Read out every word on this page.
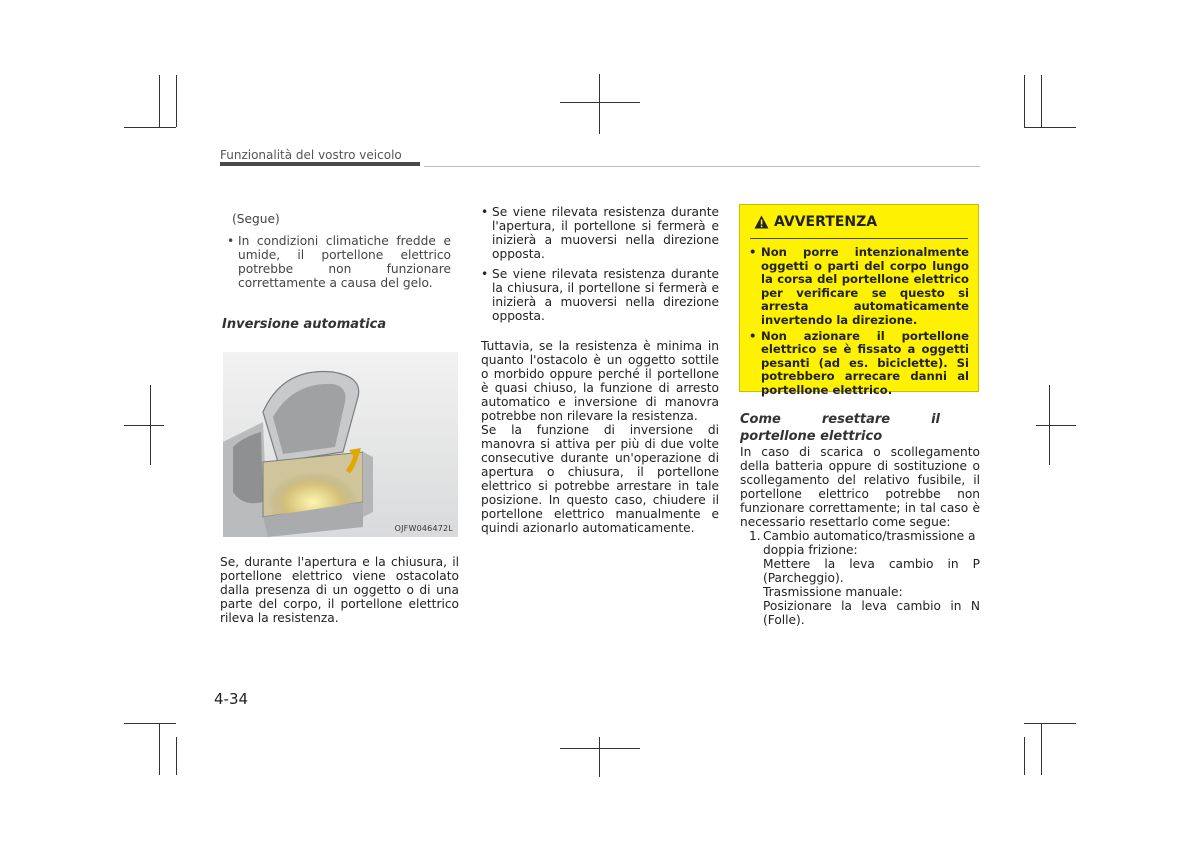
Funzionalità del vostro veicolo

(Segue)

• In condizioni climatiche fredde e umide, il portellone elettrico potrebbe non funzionare correttamente a causa del gelo.

Inversione automatica

OJFW046472L

Se, durante l'apertura e la chiusura, il portellone elettrico viene ostacolato dalla presenza di un oggetto o di una parte del corpo, il portellone elettrico rileva la resistenza.

• Se viene rilevata resistenza durante l'apertura, il portellone si fermerà e inizierà a muoversi nella direzione opposta.
• Se viene rilevata resistenza durante la chiusura, il portellone si fermerà e inizierà a muoversi nella direzione opposta.

Tuttavia, se la resistenza è minima in quanto l'ostacolo è un oggetto sottile o morbido oppure perché il portellone è quasi chiuso, la funzione di arresto automatico e inversione di manovra potrebbe non rilevare la resistenza.

Se la funzione di inversione di manovra si attiva per più di due volte consecutive durante un'operazione di apertura o chiusura, il portellone elettrico si potrebbe arrestare in tale posizione. In questo caso, chiudere il portellone elettrico manualmente e quindi azionarlo automaticamente.

AVVERTENZA
• Non porre intenzionalmente oggetti o parti del corpo lungo la corsa del portellone elettrico per verificare se questo si arresta automaticamente invertendo la direzione.
• Non azionare il portellone elettrico se è fissato a oggetti pesanti (ad es. biciclette). Si potrebbero arrecare danni al portellone elettrico.

Come resettare il portellone elettrico

In caso di scarica o scollegamento della batteria oppure di sostituzione o scollegamento del relativo fusibile, il portellone elettrico potrebbe non funzionare correttamente; in tal caso è necessario resettarlo come segue:

1. Cambio automatico/trasmissione a doppia frizione:

Mettere la leva cambio in P (Parcheggio).

Trasmissione manuale:

Posizionare la leva cambio in N (Folle).

4-34
